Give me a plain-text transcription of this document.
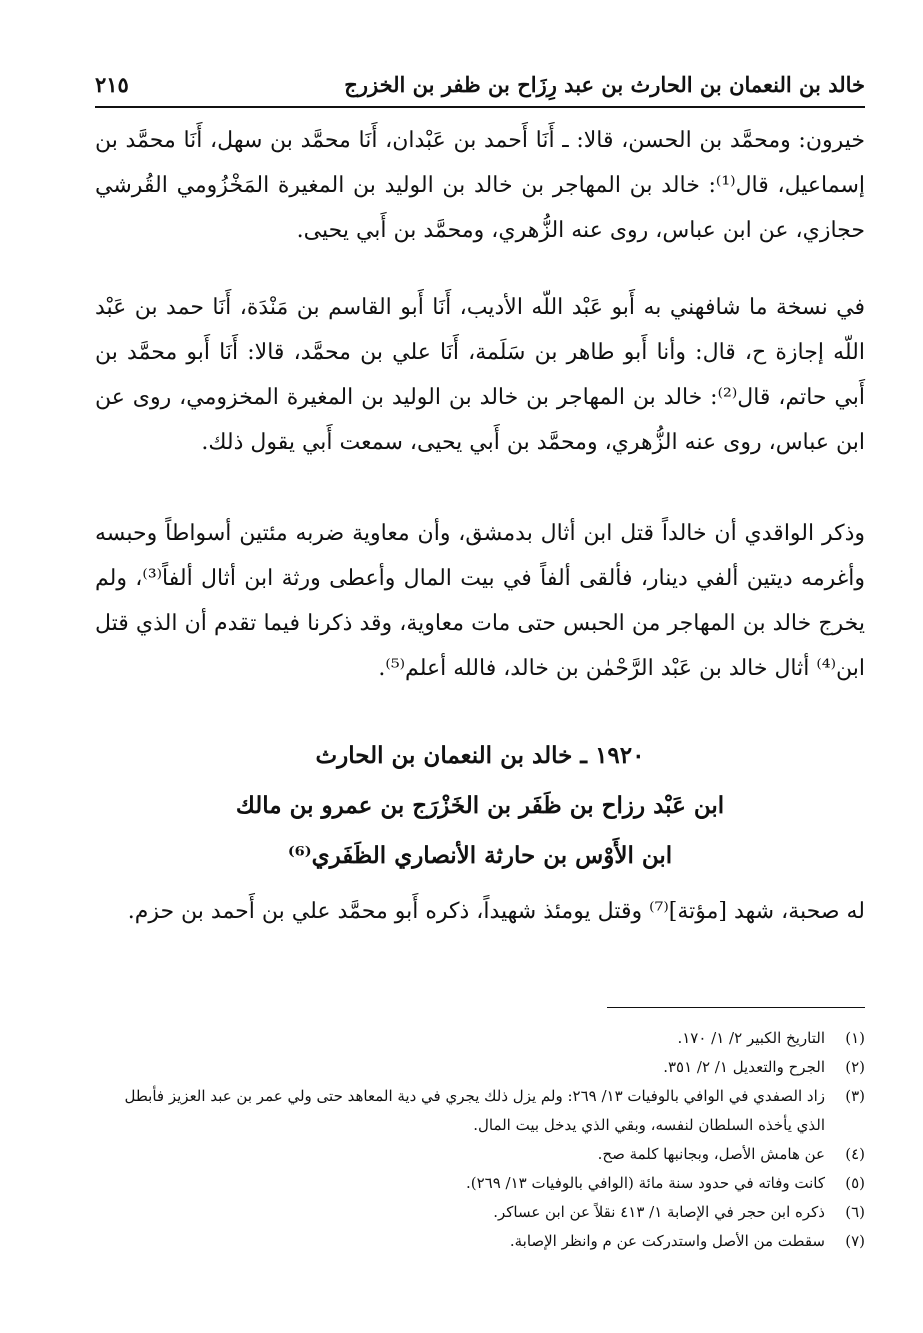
٢١٥	خالد بن النعمان بن الحارث بن عبد رِزَاح بن ظفر بن الخزرج

خيرون: ومحمَّد بن الحسن، قالا: ـ أَنَا أَحمد بن عَبْدان، أَنَا محمَّد بن سهل، أَنَا محمَّد بن إسماعيل، قال⁽¹⁾: خالد بن المهاجر بن خالد بن الوليد بن المغيرة المَخْزُومي القُرشي حجازي، عن ابن عباس، روى عنه الزُّهري، ومحمَّد بن أَبي يحيى.

في نسخة ما شافهني به أَبو عَبْد اللّه الأديب، أَنَا أَبو القاسم بن مَنْدَة، أَنَا حمد بن عَبْد اللّه إجازة ح، قال: وأنا أَبو طاهر بن سَلَمة، أَنَا علي بن محمَّد، قالا: أَنَا أَبو محمَّد بن أَبي حاتم، قال⁽²⁾: خالد بن المهاجر بن خالد بن الوليد بن المغيرة المخزومي، روى عن ابن عباس، روى عنه الزُّهري، ومحمَّد بن أَبي يحيى، سمعت أَبي يقول ذلك.

وذكر الواقدي أن خالداً قتل ابن أثال بدمشق، وأن معاوية ضربه مئتين أسواطاً وحبسه وأغرمه ديتين ألفي دينار، فألقى ألفاً في بيت المال وأعطى ورثة ابن أثال ألفاً⁽³⁾، ولم يخرج خالد بن المهاجر من الحبس حتى مات معاوية، وقد ذكرنا فيما تقدم أن الذي قتل ابن⁽⁴⁾ أثال خالد بن عَبْد الرَّحْمٰن بن خالد، فالله أعلم⁽⁵⁾.

١٩٢٠ ـ خالد بن النعمان بن الحارث
ابن عَبْد رزاح بن ظَفَر بن الخَزْرَج بن عمرو بن مالك
ابن الأَوْس بن حارثة الأنصاري الظَفَري⁽⁶⁾

له صحبة، شهد [مؤتة]⁽⁷⁾ وقتل يومئذ شهيداً، ذكره أَبو محمَّد علي بن أَحمد بن حزم.

(١)
التاريخ الكبير ٢/ ١/ ١٧٠.
(٢)
الجرح والتعديل ١/ ٢/ ٣٥١.
(٣)
زاد الصفدي في الوافي بالوفيات ١٣/ ٢٦٩: ولم يزل ذلك يجري في دية المعاهد حتى ولي عمر بن عبد العزيز فأبطل الذي يأخذه السلطان لنفسه، وبقي الذي يدخل بيت المال.
(٤)
عن هامش الأصل، وبجانبها كلمة صح.
(٥)
كانت وفاته في حدود سنة مائة (الوافي بالوفيات ١٣/ ٢٦٩).
(٦)
ذكره ابن حجر في الإصابة ١/ ٤١٣ نقلاً عن ابن عساكر.
(٧)
سقطت من الأصل واستدركت عن م وانظر الإصابة.
